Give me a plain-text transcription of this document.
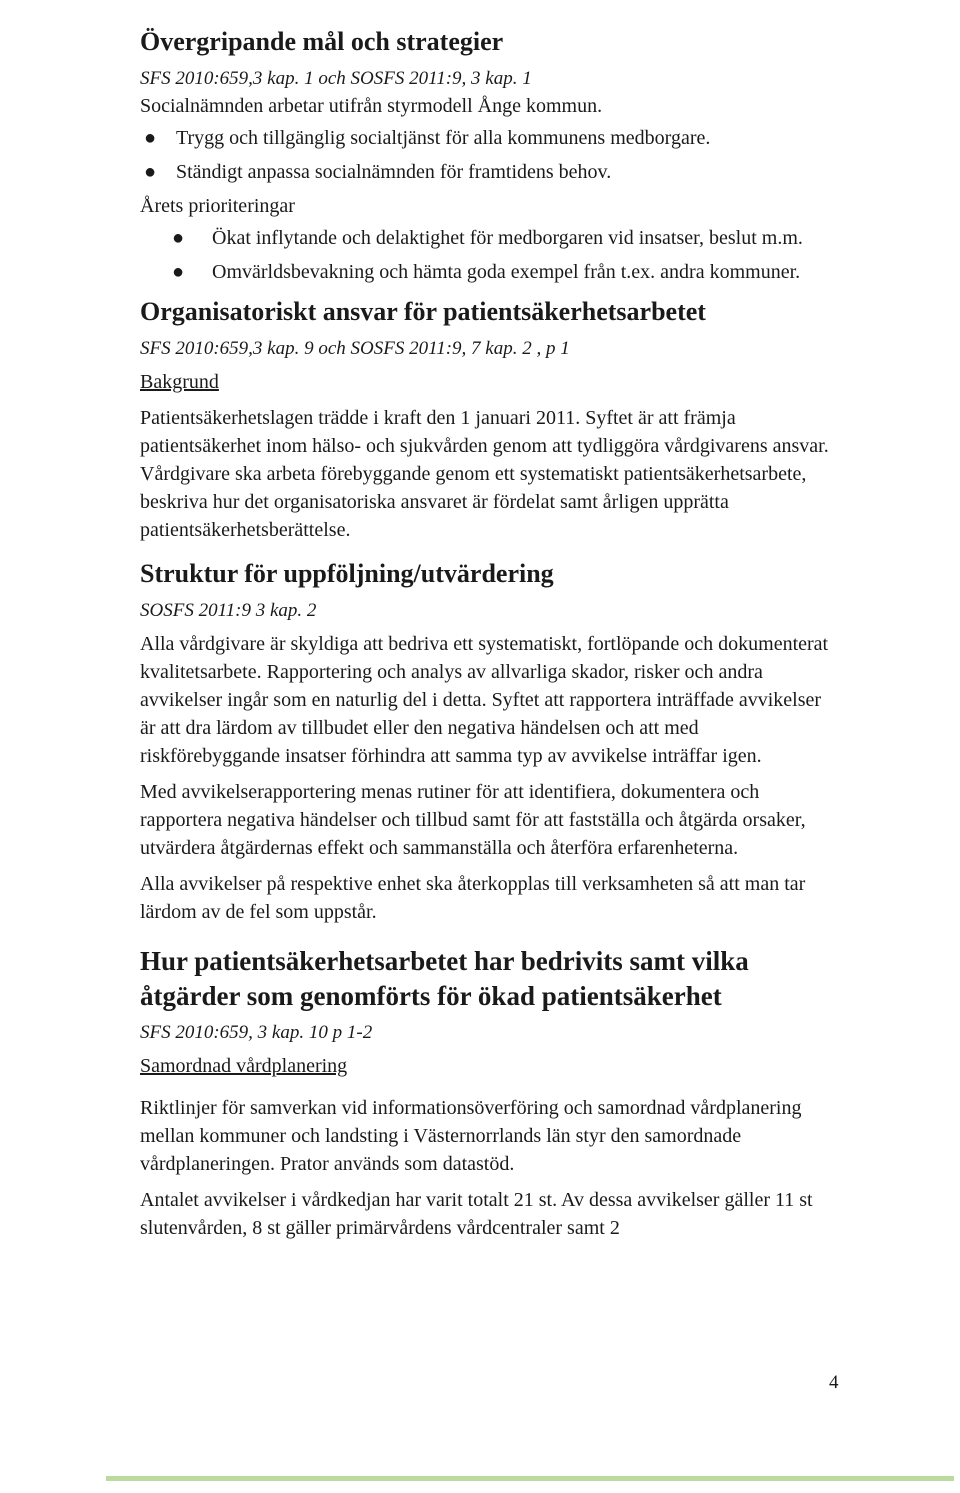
Övergripande mål och strategier

SFS 2010:659,3 kap. 1 och SOSFS 2011:9, 3 kap. 1

Socialnämnden arbetar utifrån styrmodell Ånge kommun.

● Trygg och tillgänglig socialtjänst för alla kommunens medborgare.
● Ständigt anpassa socialnämnden för framtidens behov.

Årets prioriteringar

● Ökat inflytande och delaktighet för medborgaren vid insatser, beslut m.m.
● Omvärldsbevakning och hämta goda exempel från t.ex. andra kommuner.
Organisatoriskt ansvar för patientsäkerhetsarbetet

SFS 2010:659,3 kap. 9 och SOSFS 2011:9, 7 kap. 2 , p 1

Bakgrund

Patientsäkerhetslagen trädde i kraft den 1 januari 2011. Syftet är att främja patientsäkerhet inom hälso- och sjukvården genom att tydliggöra vårdgivarens ansvar. Vårdgivare ska arbeta förebyggande genom ett systematiskt patientsäkerhetsarbete, beskriva hur det organisatoriska ansvaret är fördelat samt årligen upprätta patientsäkerhetsberättelse.

Struktur för uppföljning/utvärdering

SOSFS 2011:9 3 kap. 2

Alla vårdgivare är skyldiga att bedriva ett systematiskt, fortlöpande och dokumenterat kvalitetsarbete. Rapportering och analys av allvarliga skador, risker och andra avvikelser ingår som en naturlig del i detta. Syftet att rapportera inträffade avvikelser är att dra lärdom av tillbudet eller den negativa händelsen och att med riskförebyggande insatser förhindra att samma typ av avvikelse inträffar igen.

Med avvikelserapportering menas rutiner för att identifiera, dokumentera och rapportera negativa händelser och tillbud samt för att fastställa och åtgärda orsaker, utvärdera åtgärdernas effekt och sammanställa och återföra erfarenheterna.

Alla avvikelser på respektive enhet ska återkopplas till verksamheten så att man tar lärdom av de fel som uppstår.

Hur patientsäkerhetsarbetet har bedrivits samt vilka åtgärder som genomförts för ökad patientsäkerhet

SFS 2010:659, 3 kap. 10 p 1-2

Samordnad vårdplanering

Riktlinjer för samverkan vid informationsöverföring och samordnad vårdplanering mellan kommuner och landsting i Västernorrlands län styr den samordnade vårdplaneringen. Prator används som datastöd.

Antalet avvikelser i vårdkedjan har varit totalt 21 st. Av dessa avvikelser gäller 11 st slutenvården, 8 st gäller primärvårdens vårdcentraler samt 2

4
